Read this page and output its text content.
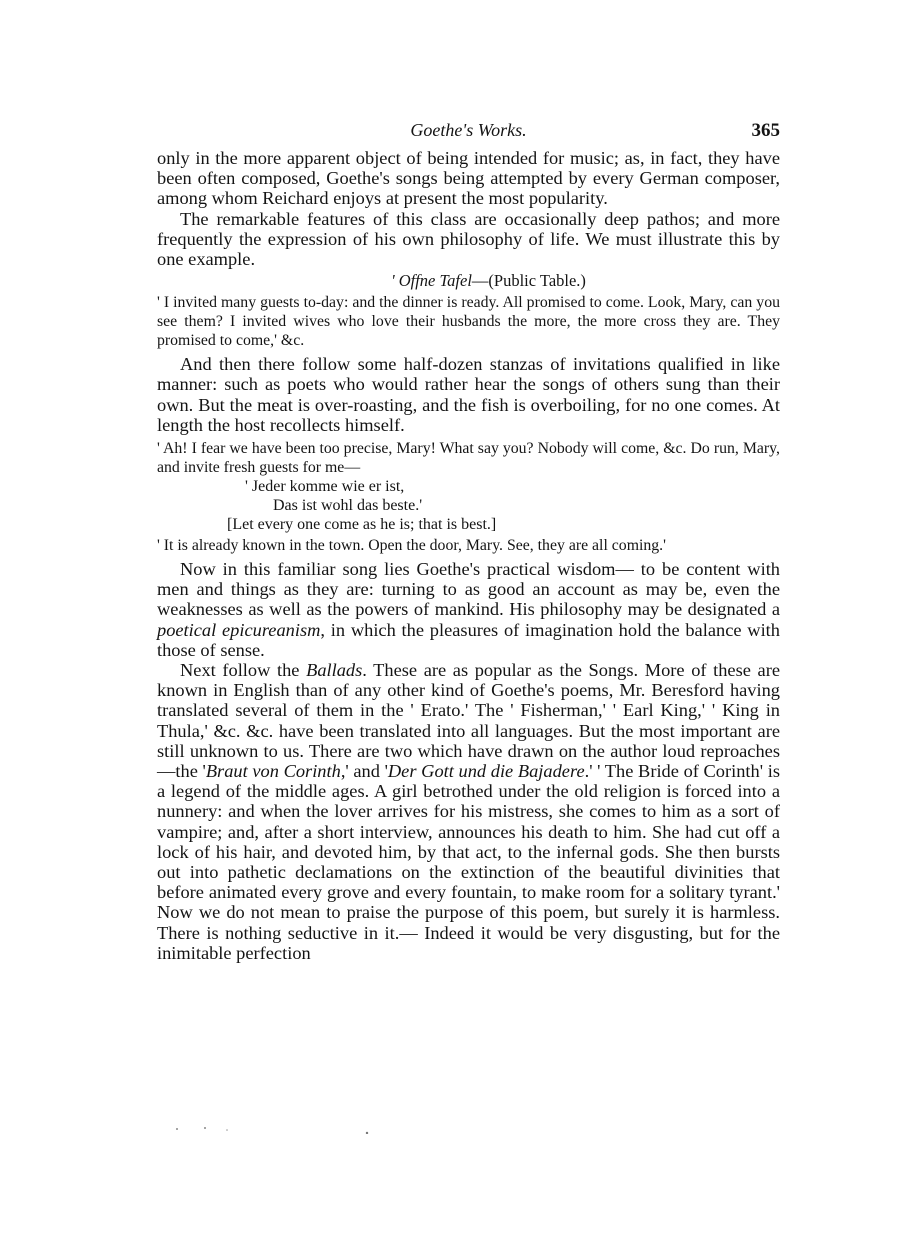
Goethe's Works.	365

only in the more apparent object of being intended for music; as, in fact, they have been often composed, Goethe's songs being attempted by every German composer, among whom Reichard enjoys at present the most popularity.

The remarkable features of this class are occasionally deep pathos; and more frequently the expression of his own philosophy of life. We must illustrate this by one example.

' Offne Tafel—(Public Table.)

' I invited many guests to-day: and the dinner is ready. All promised to come. Look, Mary, can you see them? I invited wives who love their husbands the more, the more cross they are. They promised to come,' &c.

And then there follow some half-dozen stanzas of invitations qualified in like manner: such as poets who would rather hear the songs of others sung than their own. But the meat is over-roasting, and the fish is overboiling, for no one comes. At length the host recollects himself.

' Ah! I fear we have been too precise, Mary! What say you? Nobody will come, &c. Do run, Mary, and invite fresh guests for me—

' Jeder komme wie er ist,

Das ist wohl das beste.'

[Let every one come as he is; that is best.]

' It is already known in the town. Open the door, Mary. See, they are all coming.'

Now in this familiar song lies Goethe's practical wisdom— to be content with men and things as they are: turning to as good an account as may be, even the weaknesses as well as the powers of mankind. His philosophy may be designated a poetical epicureanism, in which the pleasures of imagination hold the balance with those of sense.

Next follow the Ballads. These are as popular as the Songs. More of these are known in English than of any other kind of Goethe's poems, Mr. Beresford having translated several of them in the ' Erato.' The ' Fisherman,' ' Earl King,' ' King in Thula,' &c. &c. have been translated into all languages. But the most important are still unknown to us. There are two which have drawn on the author loud reproaches—the 'Braut von Corinth,' and 'Der Gott und die Bajadere.' ' The Bride of Corinth' is a legend of the middle ages. A girl betrothed under the old religion is forced into a nunnery: and when the lover arrives for his mistress, she comes to him as a sort of vampire; and, after a short interview, announces his death to him. She had cut off a lock of his hair, and devoted him, by that act, to the infernal gods. She then bursts out into pathetic declamations on the extinction of the beautiful divinities that before animated every grove and every fountain, to make room for a solitary tyrant.' Now we do not mean to praise the purpose of this poem, but surely it is harmless. There is nothing seductive in it.— Indeed it would be very disgusting, but for the inimitable perfection
